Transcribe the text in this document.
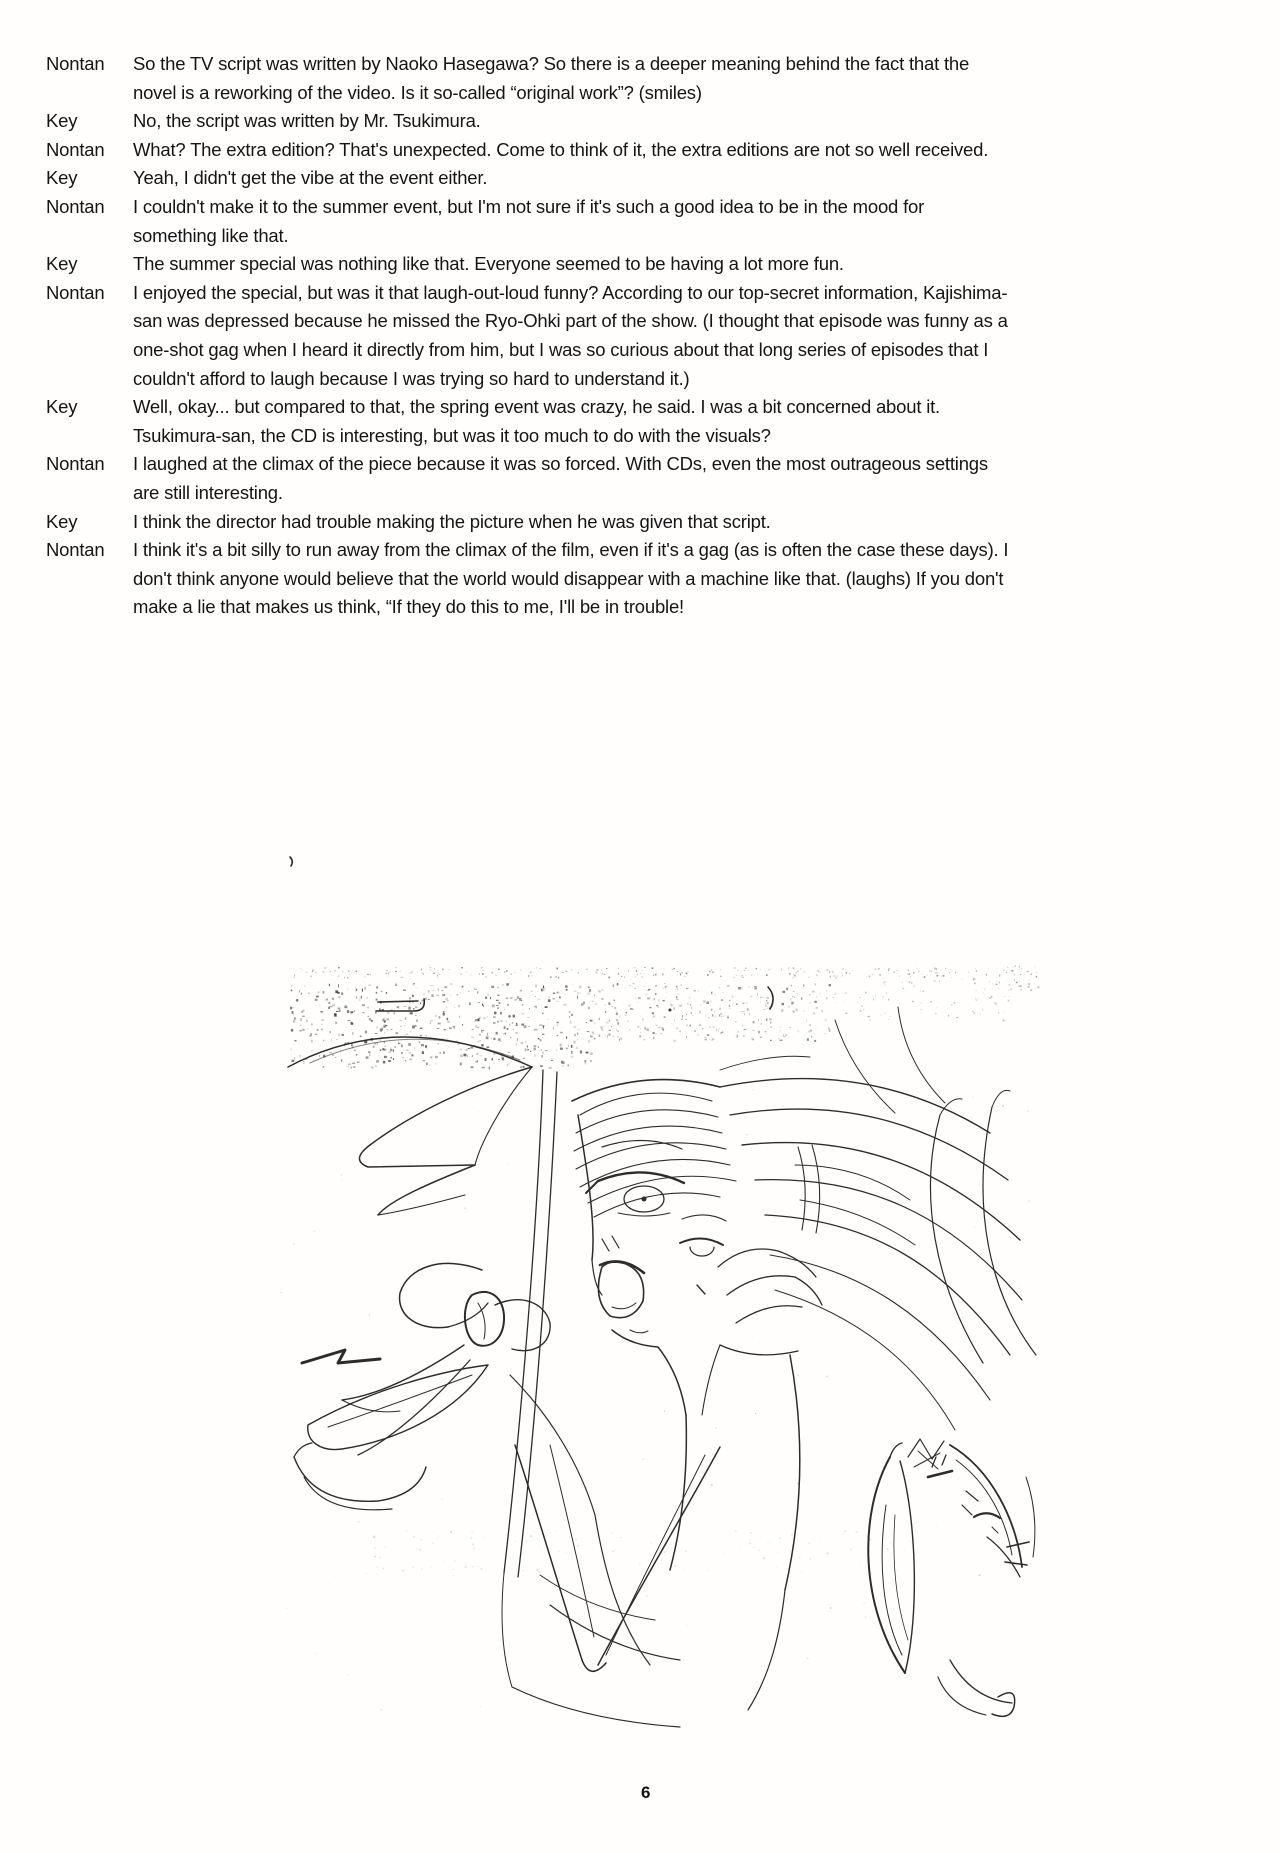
Nontan	So the TV script was written by Naoko Hasegawa? So there is a deeper meaning behind the fact that the novel is a reworking of the video. Is it so-called “original work”? (smiles)
Key	No, the script was written by Mr. Tsukimura.
Nontan	What? The extra edition? That's unexpected. Come to think of it, the extra editions are not so well received.
Key	Yeah, I didn't get the vibe at the event either.
Nontan	I couldn't make it to the summer event, but I'm not sure if it's such a good idea to be in the mood for something like that.
Key	The summer special was nothing like that. Everyone seemed to be having a lot more fun.
Nontan	I enjoyed the special, but was it that laugh-out-loud funny? According to our top-secret information, Kajishima-san was depressed because he missed the Ryo-Ohki part of the show. (I thought that episode was funny as a one-shot gag when I heard it directly from him, but I was so curious about that long series of episodes that I couldn't afford to laugh because I was trying so hard to understand it.)
Key	Well, okay... but compared to that, the spring event was crazy, he said. I was a bit concerned about it. Tsukimura-san, the CD is interesting, but was it too much to do with the visuals?
Nontan	I laughed at the climax of the piece because it was so forced. With CDs, even the most outrageous settings are still interesting.
Key	I think the director had trouble making the picture when he was given that script.
Nontan	I think it's a bit silly to run away from the climax of the film, even if it's a gag (as is often the case these days). I don't think anyone would believe that the world would disappear with a machine like that. (laughs) If you don't make a lie that makes us think, “If they do this to me, I'll be in trouble!
6
